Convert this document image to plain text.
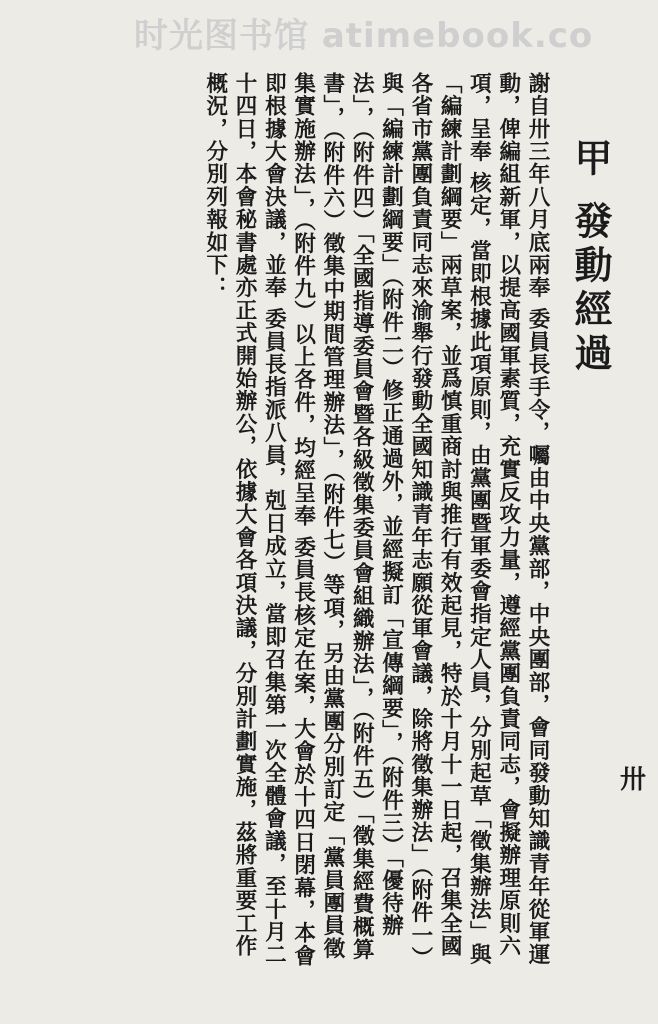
时光图书馆 atimebook.co
甲 發動經過

謝自卅三年八月底兩奉 委員長手令，囑由中央黨部，中央團部，會同發動知識青年從軍運動，俾編組新軍，以提高國軍素質，充實反攻力量，遵經黨團負責同志，會擬辦理原則六項，呈奉 核定，當即根據此項原則，由黨團暨軍委會指定人員，分別起草「徵集辦法」與「編練計劃綱要」兩草案，並爲慎重商討與推行有效起見，特於十月十一日起，召集全國各省市黨團負責同志來渝舉行發動全國知識青年志願從軍會議，除將徵集辦法」（附件一）與「編練計劃綱要」（附件二）修正通過外，並經擬訂「宣傳綱要」，（附件三）「優待辦法」，（附件四）「全國指導委員會暨各級徵集委員會組織辦法」，（附件五）「徵集經費概算書」，（附件六）徵集中期間管理辦法」，（附件七）等項，另由黨團分別訂定「黨員團員徵集實施辦法」，（附件九）以上各件，均經呈奉 委員長核定在案，大會於十四日閉幕，本會即根據大會決議，並奉 委員長指派八員，剋日成立，當即召集第一次全體會議，至十月二十四日，本會秘書處亦正式開始辦公，依據大會各項決議，分別計劃實施，茲將重要工作概況，分別列報如下：

卅
